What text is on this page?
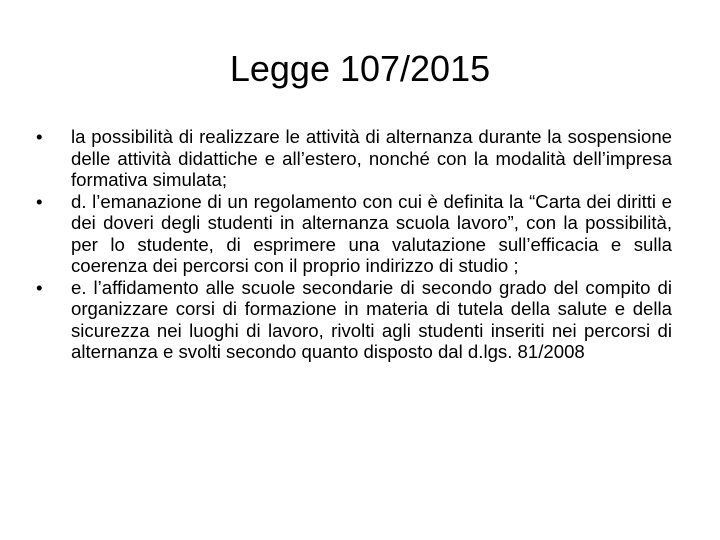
Legge 107/2015
•	la possibilità di realizzare le attività di alternanza durante la sospensione delle attività didattiche e all’estero, nonché con la modalità dell’impresa formativa simulata;
•	d. l’emanazione di un regolamento con cui è definita la “Carta dei diritti e dei doveri degli studenti in alternanza scuola lavoro”, con la possibilità, per lo studente, di esprimere una valutazione sull’efficacia e sulla coerenza dei percorsi con il proprio indirizzo di studio ;
•	e. l’affidamento alle scuole secondarie di secondo grado del compito di organizzare corsi di formazione in materia di tutela della salute e della sicurezza nei luoghi di lavoro, rivolti agli studenti inseriti nei percorsi di alternanza e svolti secondo quanto disposto dal d.lgs. 81/2008
